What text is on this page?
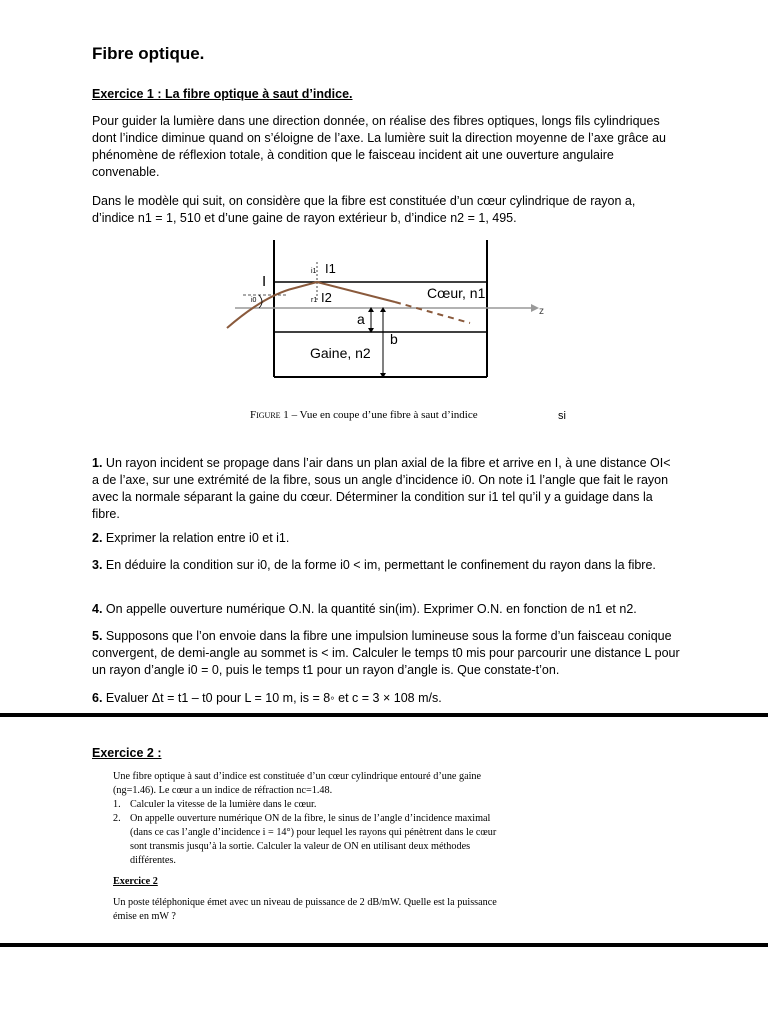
Fibre optique.
Exercice 1 : La fibre optique à saut d’indice.
Pour guider la lumière dans une direction donnée, on réalise des fibres optiques, longs fils cylindriques dont l’indice diminue quand on s’éloigne de l’axe. La lumière suit la direction moyenne de l’axe grâce au phénomène de réflexion totale, à condition que le faisceau incident ait une ouverture angulaire convenable.
Dans le modèle qui suit, on considère que la fibre est constituée d’un cœur cylindrique de rayon a, d’indice n1 = 1, 510 et d’une gaine de rayon extérieur b, d’indice n2 = 1, 495.
I
I1
I2
i1
r1
i0	Cœur, n1
Gaine, n2
a
b
z
Figure 1 – Vue en coupe d’une fibre à saut d’indice	si
1. Un rayon incident se propage dans l’air dans un plan axial de la fibre et arrive en I, à une distance OI< a de l’axe, sur une extrémité de la fibre, sous un angle d’incidence i0. On note i1 l’angle que fait le rayon avec la normale séparant la gaine du cœur. Déterminer la condition sur i1 tel qu’il y a guidage dans la fibre.
2. Exprimer la relation entre i0 et i1.
3. En déduire la condition sur i0, de la forme i0 < im, permettant le confinement du rayon dans la fibre.
4. On appelle ouverture numérique O.N. la quantité sin(im). Exprimer O.N. en fonction de n1 et n2.
5. Supposons que l’on envoie dans la fibre une impulsion lumineuse sous la forme d’un faisceau conique convergent, de demi-angle au sommet is < im. Calculer le temps t0 mis pour parcourir une distance L pour un rayon d’angle i0 = 0, puis le temps t1 pour un rayon d’angle is. Que constate-t’on.
6. Evaluer Δt = t1 – t0 pour L = 10 m, is = 8◦ et c = 3 × 108 m/s.
Exercice 2 :
Une fibre optique à saut d’indice est constituée d’un cœur cylindrique entouré d’une gaine (ng=1.46). Le cœur a un indice de réfraction nc=1.48.
1. Calculer la vitesse de la lumière dans le cœur.
2. On appelle ouverture numérique ON de la fibre, le sinus de l’angle d’incidence maximal (dans ce cas l’angle d’incidence i = 14°) pour lequel les rayons qui pénètrent dans le cœur sont transmis jusqu’à la sortie. Calculer la valeur de ON en utilisant deux méthodes différentes.
Exercice 2
Un poste téléphonique émet avec un niveau de puissance de 2 dB/mW. Quelle est la puissance émise en mW ?
